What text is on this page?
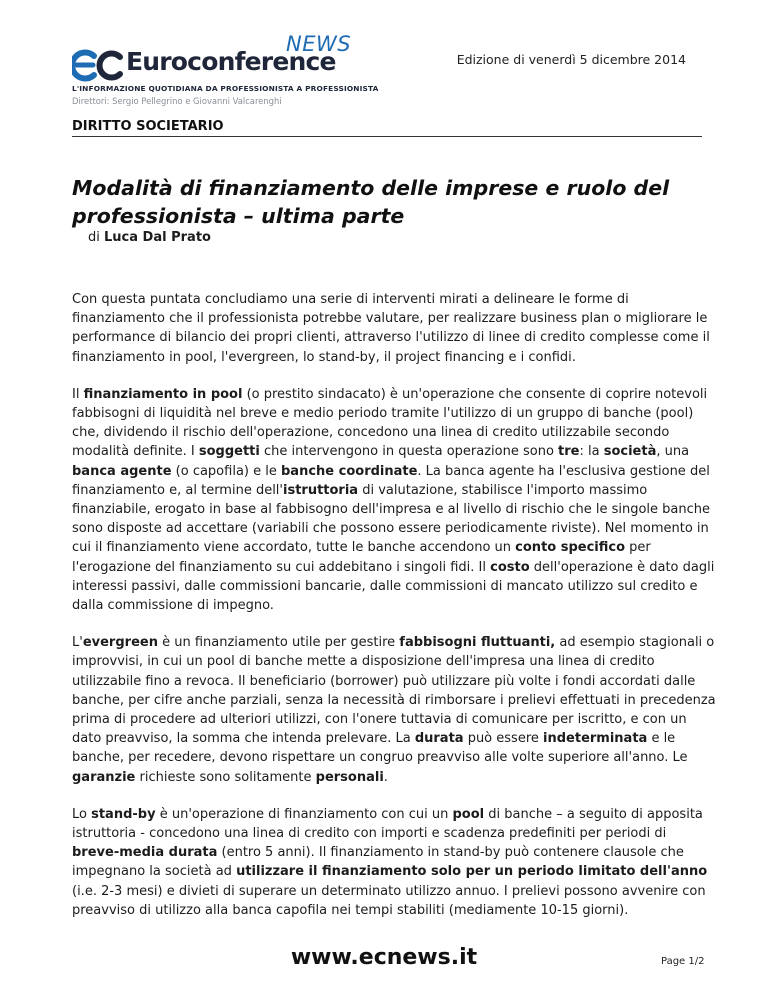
NEWS
Euroconference
L'INFORMAZIONE QUOTIDIANA DA PROFESSIONISTA A PROFESSIONISTA
Direttori: Sergio Pellegrino e Giovanni Valcarenghi
Edizione di venerdì 5 dicembre 2014
DIRITTO SOCIETARIO
Modalità di finanziamento delle imprese e ruolo del professionista – ultima parte
di Luca Dal Prato

Con questa puntata concludiamo una serie di interventi mirati a delineare le forme di finanziamento che il professionista potrebbe valutare, per realizzare business plan o migliorare le performance di bilancio dei propri clienti, attraverso l'utilizzo di linee di credito complesse come il finanziamento in pool, l'evergreen, lo stand-by, il project financing e i confidi.

Il finanziamento in pool (o prestito sindacato) è un'operazione che consente di coprire notevoli fabbisogni di liquidità nel breve e medio periodo tramite l'utilizzo di un gruppo di banche (pool) che, dividendo il rischio dell'operazione, concedono una linea di credito utilizzabile secondo modalità definite. I soggetti che intervengono in questa operazione sono tre: la società, una banca agente (o capofila) e le banche coordinate. La banca agente ha l'esclusiva gestione del finanziamento e, al termine dell'istruttoria di valutazione, stabilisce l'importo massimo finanziabile, erogato in base al fabbisogno dell'impresa e al livello di rischio che le singole banche sono disposte ad accettare (variabili che possono essere periodicamente riviste). Nel momento in cui il finanziamento viene accordato, tutte le banche accendono un conto specifico per l'erogazione del finanziamento su cui addebitano i singoli fidi. Il costo dell'operazione è dato dagli interessi passivi, dalle commissioni bancarie, dalle commissioni di mancato utilizzo sul credito e dalla commissione di impegno.

L'evergreen è un finanziamento utile per gestire fabbisogni fluttuanti, ad esempio stagionali o improvvisi, in cui un pool di banche mette a disposizione dell'impresa una linea di credito utilizzabile fino a revoca. Il beneficiario (borrower) può utilizzare più volte i fondi accordati dalle banche, per cifre anche parziali, senza la necessità di rimborsare i prelievi effettuati in precedenza prima di procedere ad ulteriori utilizzi, con l'onere tuttavia di comunicare per iscritto, e con un dato preavviso, la somma che intenda prelevare. La durata può essere indeterminata e le banche, per recedere, devono rispettare un congruo preavviso alle volte superiore all'anno. Le garanzie richieste sono solitamente personali.

Lo stand-by è un'operazione di finanziamento con cui un pool di banche – a seguito di apposita istruttoria - concedono una linea di credito con importi e scadenza predefiniti per periodi di breve-media durata (entro 5 anni). Il finanziamento in stand-by può contenere clausole che impegnano la società ad utilizzare il finanziamento solo per un periodo limitato dell'anno (i.e. 2-3 mesi) e divieti di superare un determinato utilizzo annuo. I prelievi possono avvenire con preavviso di utilizzo alla banca capofila nei tempi stabiliti (mediamente 10-15 giorni).

www.ecnews.it	Page 1/2
